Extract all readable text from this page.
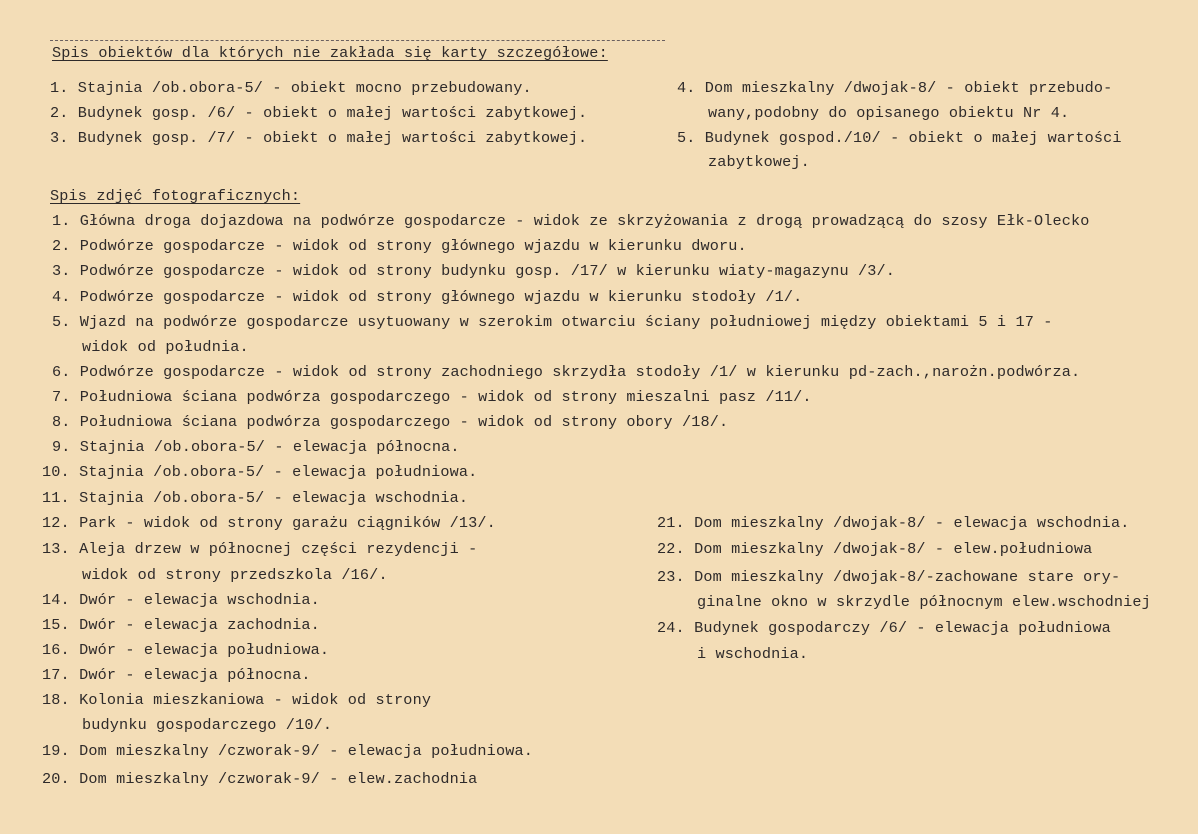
Spis obiektów dla których nie zakłada się karty szczegółowe:
1. Stajnia /ob.obora-5/ - obiekt mocno przebudowany.
2. Budynek gosp. /6/ - obiekt o małej wartości zabytkowej.
3. Budynek gosp. /7/ - obiekt o małej wartości zabytkowej.
4. Dom mieszkalny /dwojak-8/ - obiekt przebudo-
wany,podobny do opisanego obiektu Nr 4.
5. Budynek gospod./10/ - obiekt o małej wartości
zabytkowej.
Spis zdjęć fotograficznych:
1. Główna droga dojazdowa na podwórze gospodarcze - widok ze skrzyżowania z drogą prowadzącą do szosy Ełk-Olecko
2. Podwórze gospodarcze - widok od strony głównego wjazdu w kierunku dworu.
3. Podwórze gospodarcze - widok od strony budynku gosp. /17/ w kierunku wiaty-magazynu /3/.
4. Podwórze gospodarcze - widok od strony głównego wjazdu w kierunku stodoły /1/.
5. Wjazd na podwórze gospodarcze usytuowany w szerokim otwarciu ściany południowej między obiektami 5 i 17 -
widok od południa.
6. Podwórze gospodarcze - widok od strony zachodniego skrzydła stodoły /1/ w kierunku pd-zach.,narożn.podwórza.
7. Południowa ściana podwórza gospodarczego - widok od strony mieszalni pasz /11/.
8. Południowa ściana podwórza gospodarczego - widok od strony obory /18/.
9. Stajnia /ob.obora-5/ - elewacja północna.
10. Stajnia /ob.obora-5/ - elewacja południowa.
11. Stajnia /ob.obora-5/ - elewacja wschodnia.
12. Park - widok od strony garażu ciągników /13/.
13. Aleja drzew w północnej części rezydencji -
widok od strony przedszkola /16/.
14. Dwór - elewacja wschodnia.
15. Dwór - elewacja zachodnia.
16. Dwór - elewacja południowa.
17. Dwór - elewacja północna.
18. Kolonia mieszkaniowa - widok od strony
budynku gospodarczego /10/.
19. Dom mieszkalny /czworak-9/ - elewacja południowa.
20. Dom mieszkalny /czworak-9/ - elew.zachodnia
21. Dom mieszkalny /dwojak-8/ - elewacja wschodnia.
22. Dom mieszkalny /dwojak-8/ - elew.południowa
23. Dom mieszkalny /dwojak-8/-zachowane stare ory-
ginalne okno w skrzydle północnym elew.wschodniej
24. Budynek gospodarczy /6/ - elewacja południowa
i wschodnia.
